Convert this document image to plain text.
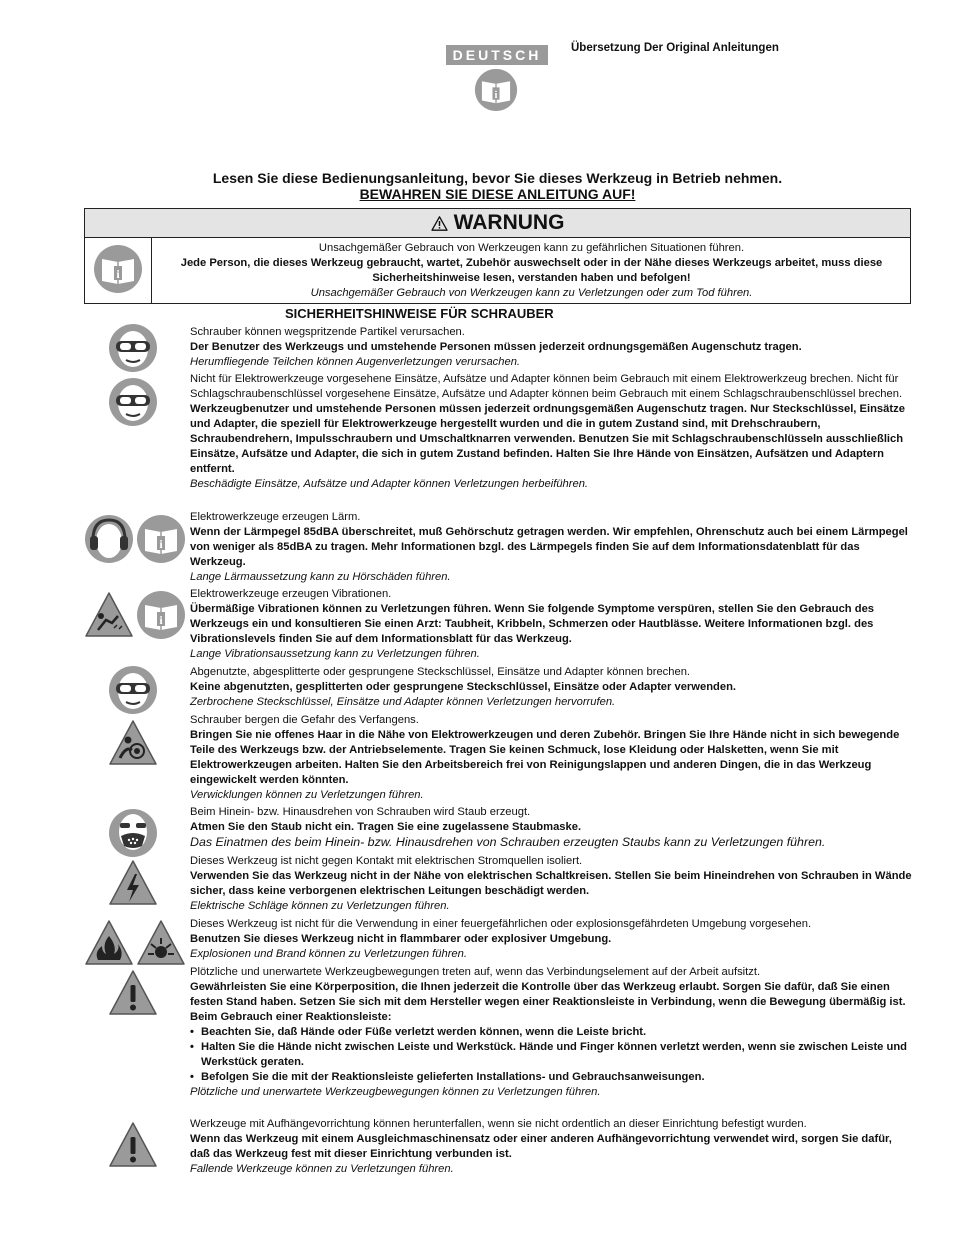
DEUTSCH	Übersetzung Der Original Anleitungen
Lesen Sie diese Bedienungsanleitung, bevor Sie dieses Werkzeug in Betrieb nehmen.
BEWAHREN SIE DIESE ANLEITUNG AUF!
WARNUNG
Unsachgemäßer Gebrauch von Werkzeugen kann zu gefährlichen Situationen führen.
Jede Person, die dieses Werkzeug gebraucht, wartet, Zubehör auswechselt oder in der Nähe dieses Werkzeugs arbeitet, muss diese Sicherheitshinweise lesen, verstanden haben und befolgen!
Unsachgemäßer Gebrauch von Werkzeugen kann zu Verletzungen oder zum Tod führen.
SICHERHEITSHINWEISE FÜR SCHRAUBER
Schrauber können wegspritzende Partikel verursachen.
Der Benutzer des Werkzeugs und umstehende Personen müssen jederzeit ordnungsgemäßen Augenschutz tragen.
Herumfliegende Teilchen können Augenverletzungen verursachen.
Nicht für Elektrowerkzeuge vorgesehene Einsätze, Aufsätze und Adapter können beim Gebrauch mit einem Elektrowerkzeug brechen. Nicht für Schlagschraubenschlüssel vorgesehene Einsätze, Aufsätze und Adapter können beim Gebrauch mit einem Schlagschraubenschlüssel brechen.
Werkzeugbenutzer und umstehende Personen müssen jederzeit ordnungsgemäßen Augenschutz tragen. Nur Steckschlüssel, Einsätze und Adapter, die speziell für Elektrowerkzeuge hergestellt wurden und die in gutem Zustand sind, mit Drehschraubern, Schraubendrehern, Impulsschraubern und Umschaltknarren verwenden. Benutzen Sie mit Schlagschraubenschlüsseln ausschließlich Einsätze, Aufsätze und Adapter, die sich in gutem Zustand befinden. Halten Sie Ihre Hände von Einsätzen, Aufsätzen und Adaptern entfernt.
Beschädigte Einsätze, Aufsätze und Adapter können Verletzungen herbeiführen.
Elektrowerkzeuge erzeugen Lärm.
Wenn der Lärmpegel 85dBA überschreitet, muß Gehörschutz getragen werden. Wir empfehlen, Ohrenschutz auch bei einem Lärmpegel von weniger als 85dBA zu tragen. Mehr Informationen bzgl. des Lärmpegels finden Sie auf dem Informationsdatenblatt für das Werkzeug.
Lange Lärmaussetzung kann zu Hörschäden führen.
Elektrowerkzeuge erzeugen Vibrationen.
Übermäßige Vibrationen können zu Verletzungen führen. Wenn Sie folgende Symptome verspüren, stellen Sie den Gebrauch des Werkzeugs ein und konsultieren Sie einen Arzt: Taubheit, Kribbeln, Schmerzen oder Hautblässe. Weitere Informationen bzgl. des Vibrationslevels finden Sie auf dem Informationsblatt für das Werkzeug.
Lange Vibrationsaussetzung kann zu Verletzungen führen.
Abgenutzte, abgesplitterte oder gesprungene Steckschlüssel, Einsätze und Adapter können brechen.
Keine abgenutzten, gesplitterten oder gesprungene Steckschlüssel, Einsätze oder Adapter verwenden.
Zerbrochene Steckschlüssel, Einsätze und Adapter können Verletzungen hervorrufen.
Schrauber bergen die Gefahr des Verfangens.
Bringen Sie nie offenes Haar in die Nähe von Elektrowerkzeugen und deren Zubehör. Bringen Sie Ihre Hände nicht in sich bewegende Teile des Werkzeugs bzw. der Antriebselemente. Tragen Sie keinen Schmuck, lose Kleidung oder Halsketten, wenn Sie mit Elektrowerkzeugen arbeiten. Halten Sie den Arbeitsbereich frei von Reinigungslappen und anderen Dingen, die in das Werkzeug eingewickelt werden könnten.
Verwicklungen können zu Verletzungen führen.
Beim Hinein- bzw. Hinausdrehen von Schrauben wird Staub erzeugt.
Atmen Sie den Staub nicht ein. Tragen Sie eine zugelassene Staubmaske.
Das Einatmen des beim Hinein- bzw. Hinausdrehen von Schrauben erzeugten Staubs kann zu Verletzungen führen.
Dieses Werkzeug ist nicht gegen Kontakt mit elektrischen Stromquellen isoliert.
Verwenden Sie das Werkzeug nicht in der Nähe von elektrischen Schaltkreisen. Stellen Sie beim Hineindrehen von Schrauben in Wände sicher, dass keine verborgenen elektrischen Leitungen beschädigt werden.
Elektrische Schläge können zu Verletzungen führen.
Dieses Werkzeug ist nicht für die Verwendung in einer feuergefährlichen oder explosionsgefährdeten Umgebung vorgesehen.
Benutzen Sie dieses Werkzeug nicht in flammbarer oder explosiver Umgebung.
Explosionen und Brand können zu Verletzungen führen.
Plötzliche und unerwartete Werkzeugbewegungen treten auf, wenn das Verbindungselement auf der Arbeit aufsitzt.
Gewährleisten Sie eine Körperposition, die Ihnen jederzeit die Kontrolle über das Werkzeug erlaubt. Sorgen Sie dafür, daß Sie einen festen Stand haben. Setzen Sie sich mit dem Hersteller wegen einer Reaktionsleiste in Verbindung, wenn die Bewegung übermäßig ist.
Beim Gebrauch einer Reaktionsleiste:
• Beachten Sie, daß Hände oder Füße verletzt werden können, wenn die Leiste bricht.
• Halten Sie die Hände nicht zwischen Leiste und Werkstück. Hände und Finger können verletzt werden, wenn sie zwischen Leiste und Werkstück geraten.
• Befolgen Sie die mit der Reaktionsleiste gelieferten Installations- und Gebrauchsanweisungen.
Plötzliche und unerwartete Werkzeugbewegungen können zu Verletzungen führen.
Werkzeuge mit Aufhängevorrichtung können herunterfallen, wenn sie nicht ordentlich an dieser Einrichtung befestigt wurden.
Wenn das Werkzeug mit einem Ausgleichmaschinensatz oder einer anderen Aufhängevorrichtung verwendet wird, sorgen Sie dafür, daß das Werkzeug fest mit dieser Einrichtung verbunden ist.
Fallende Werkzeuge können zu Verletzungen führen.
